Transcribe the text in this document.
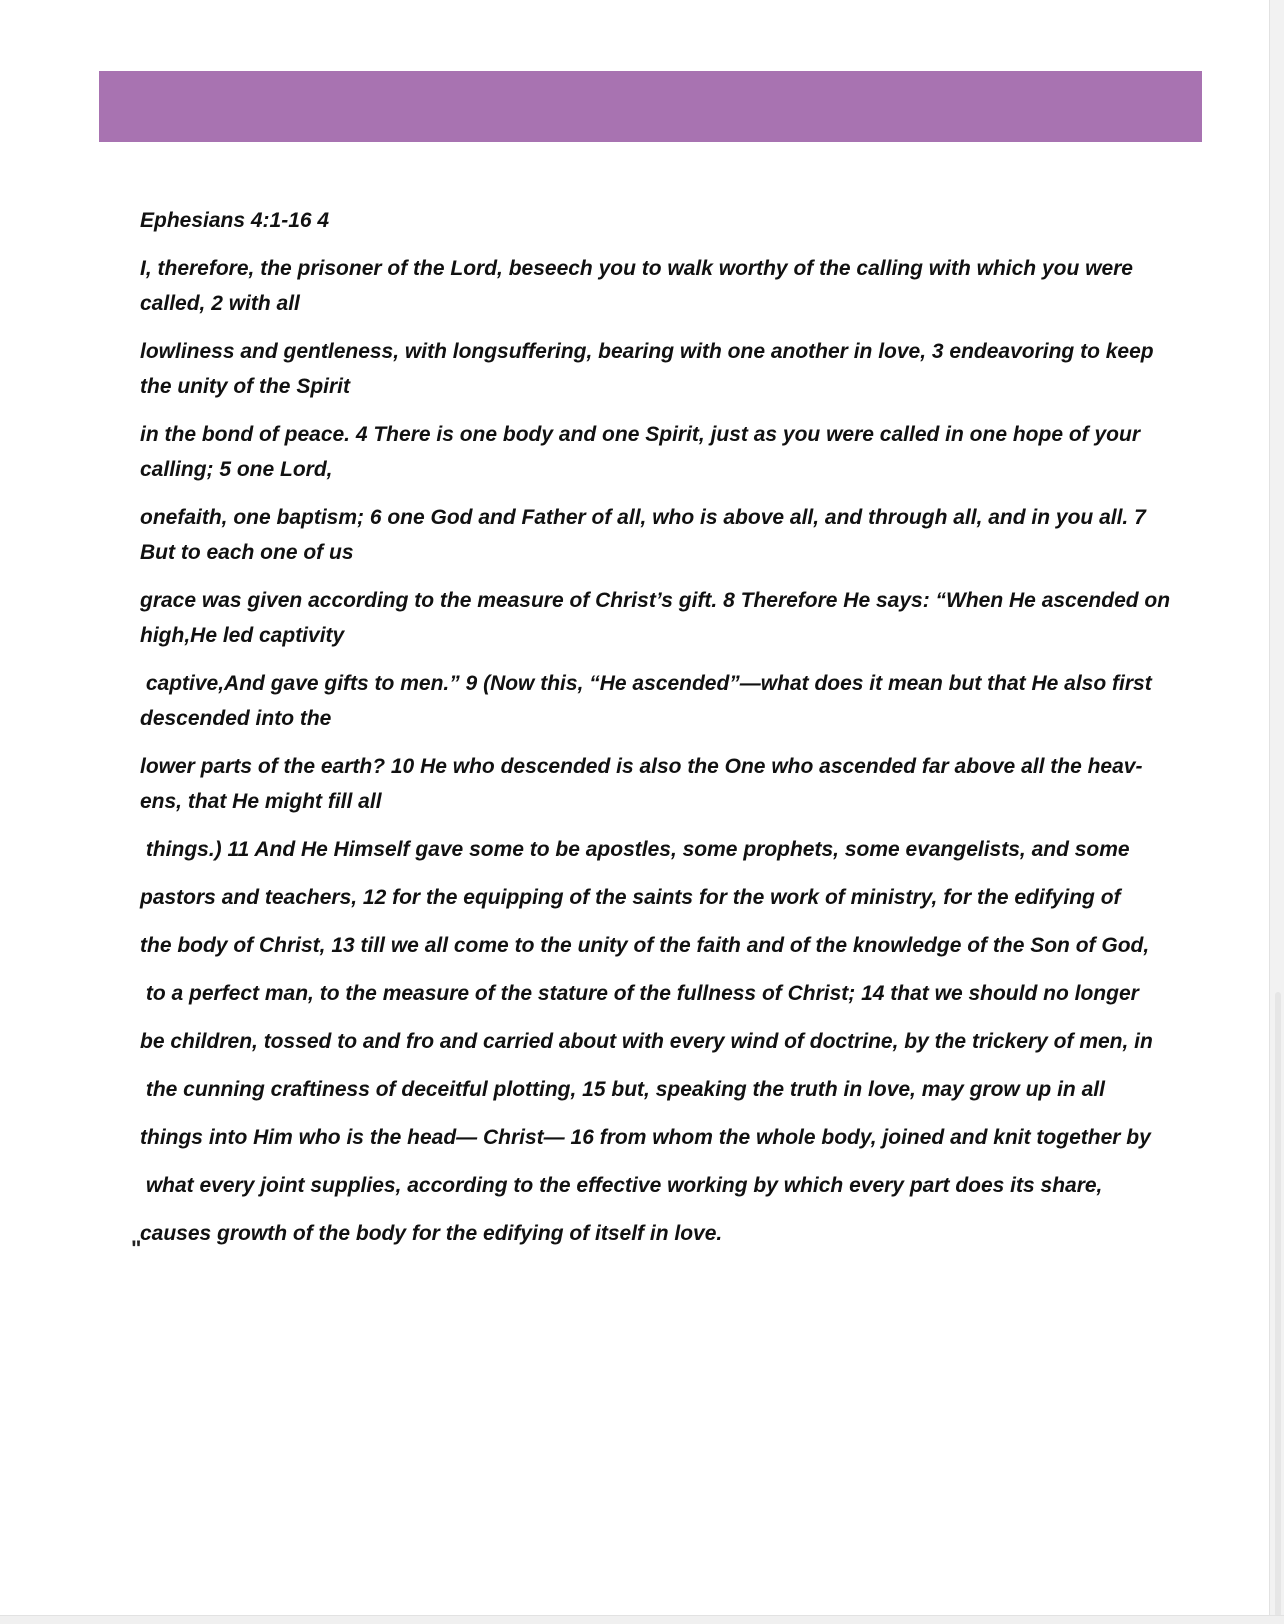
Ephesians 4:1-16 4

I, therefore, the prisoner of the Lord, beseech you to walk worthy of the calling with which you were

called, 2 with all

lowliness and gentleness, with longsuffering, bearing with one another in love, 3 endeavoring to keep

the unity of the Spirit

in the bond of peace. 4 There is one body and one Spirit, just as you were called in one hope of your

calling; 5 one Lord,

onefaith, one baptism; 6 one God and Father of all, who is above all, and through all, and in you all. 7

But to each one of us

grace was given according to the measure of Christ’s gift. 8 Therefore He says: “When He ascended on

high,He led captivity

captive,And gave gifts to men.” 9 (Now this, “He ascended”—what does it mean but that He also first

descended into the

lower parts of the earth? 10 He who descended is also the One who ascended far above all the heav-

ens, that He might fill all

things.) 11 And He Himself gave some to be apostles, some prophets, some evangelists, and some

pastors and teachers, 12 for the equipping of the saints for the work of ministry, for the edifying of

the body of Christ, 13 till we all come to the unity of the faith and of the knowledge of the Son of God,

to a perfect man, to the measure of the stature of the fullness of Christ; 14 that we should no longer

be children, tossed to and fro and carried about with every wind of doctrine, by the trickery of men, in

the cunning craftiness of deceitful plotting, 15 but, speaking the truth in love, may grow up in all

things into Him who is the head— Christ— 16 from whom the whole body, joined and knit together by

what every joint supplies, according to the effective working by which every part does its share,

causes growth of the body for the edifying of itself in love.

"
